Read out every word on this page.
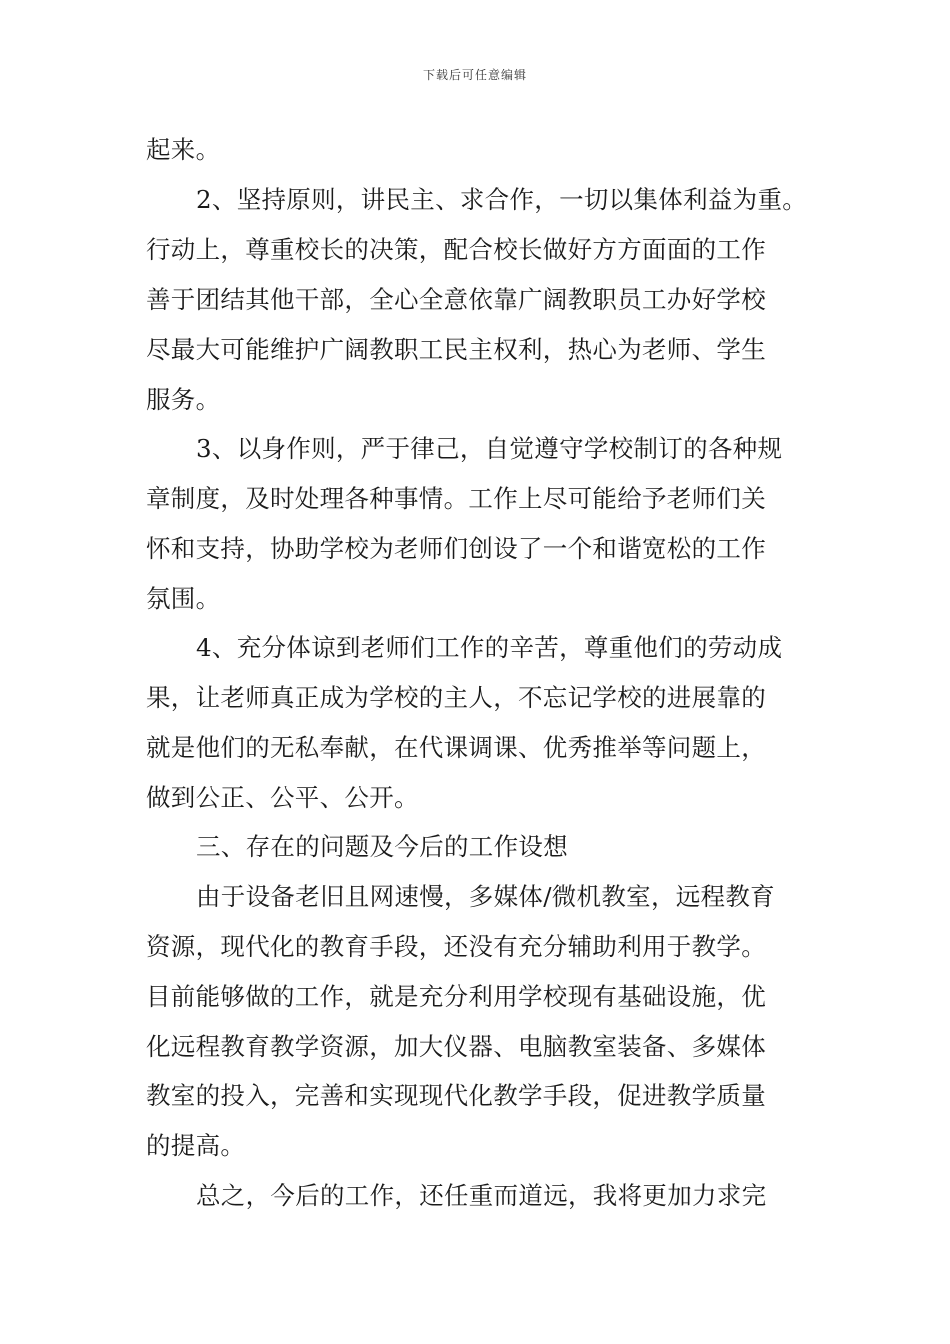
下载后可任意编辑
起来。
2、坚持原则，讲民主、求合作，一切以集体利益为重。
行动上，尊重校长的决策，配合校长做好方方面面的工作
善于团结其他干部，全心全意依靠广阔教职员工办好学校
尽最大可能维护广阔教职工民主权利，热心为老师、学生
服务。
3、以身作则，严于律己，自觉遵守学校制订的各种规
章制度，及时处理各种事情。工作上尽可能给予老师们关
怀和支持，协助学校为老师们创设了一个和谐宽松的工作
氛围。
4、充分体谅到老师们工作的辛苦，尊重他们的劳动成
果，让老师真正成为学校的主人，不忘记学校的进展靠的
就是他们的无私奉献，在代课调课、优秀推举等问题上，
做到公正、公平、公开。
三、存在的问题及今后的工作设想
由于设备老旧且网速慢，多媒体/微机教室，远程教育
资源，现代化的教育手段，还没有充分辅助利用于教学。
目前能够做的工作，就是充分利用学校现有基础设施，优
化远程教育教学资源，加大仪器、电脑教室装备、多媒体
教室的投入，完善和实现现代化教学手段，促进教学质量
的提高。
总之，今后的工作，还任重而道远，我将更加力求完
